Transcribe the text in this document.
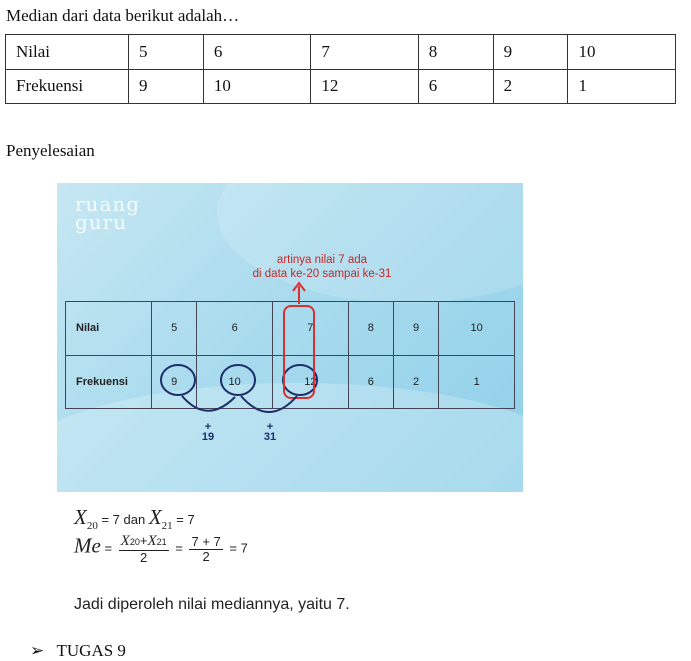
Median dari data berikut adalah…
Nilai	5	6	7	8	9	10
Frekuensi	9	10	12	6	2	1
Penyelesaian
ruang
guru
artinya nilai 7 ada
di data ke-20 sampai ke-31
Nilai	5	6	7	8	9	10
Frekuensi	9	10	12	6	2	1
+
19
+
31
$X_{20} = 7$ dan $X_{21} = 7$
$Me = \frac{X20+X21}{2} = \frac{7 + 7}{2} = 7$
Jadi diperoleh nilai mediannya, yaitu 7.
➢ TUGAS 9
